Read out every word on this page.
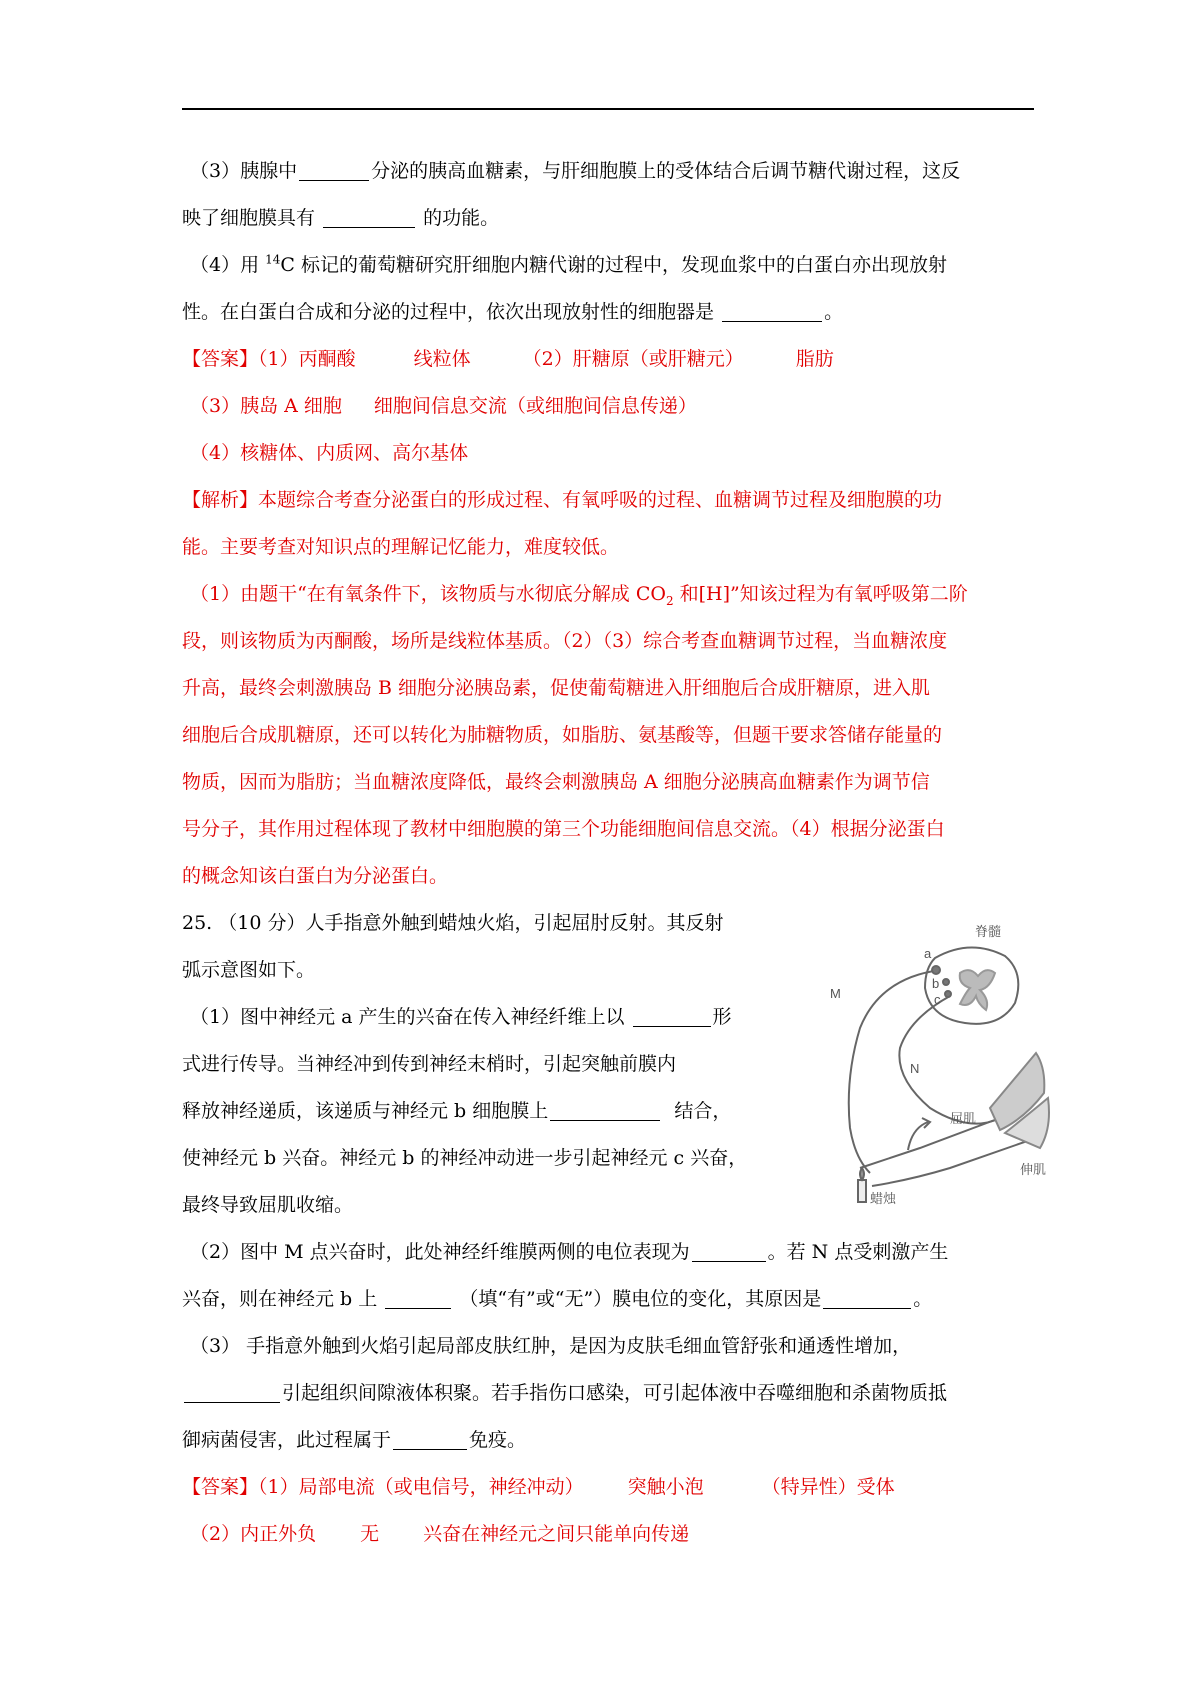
（3）胰腺中	分泌的胰高血糖素，与肝细胞膜上的受体结合后调节糖代谢过程，这反
映了细胞膜具有	的功能。
（4）用 $^{14}$C 标记的葡萄糖研究肝细胞内糖代谢的过程中，发现血浆中的白蛋白亦出现放射
性。在白蛋白合成和分泌的过程中，依次出现放射性的细胞器是	。
【答案】（1）丙酮酸	线粒体	（2）肝糖原（或肝糖元）	脂肪
（3）胰岛 A 细胞 细胞间信息交流（或细胞间信息传递）
（4）核糖体、内质网、高尔基体
【解析】本题综合考查分泌蛋白的形成过程、有氧呼吸的过程、血糖调节过程及细胞膜的功
能。主要考查对知识点的理解记忆能力，难度较低。
（1）由题干“在有氧条件下，该物质与水彻底分解成 $CO_2$ 和[H]”知该过程为有氧呼吸第二阶
段，则该物质为丙酮酸，场所是线粒体基质。（2）（3）综合考查血糖调节过程，当血糖浓度
升高，最终会刺激胰岛 B 细胞分泌胰岛素，促使葡萄糖进入肝细胞后合成肝糖原，进入肌
细胞后合成肌糖原，还可以转化为肺糖物质，如脂肪、氨基酸等，但题干要求答储存能量的
物质，因而为脂肪；当血糖浓度降低，最终会刺激胰岛 A 细胞分泌胰高血糖素作为调节信
号分子，其作用过程体现了教材中细胞膜的第三个功能细胞间信息交流。（4）根据分泌蛋白
的概念知该白蛋白为分泌蛋白。
25. （10 分）人手指意外触到蜡烛火焰，引起屈肘反射。其反射
弧示意图如下。
（1）图中神经元 a 产生的兴奋在传入神经纤维上以	形
式进行传导。当神经冲到传到神经末梢时，引起突触前膜内
释放神经递质，该递质与神经元 b 细胞膜上	结合，
使神经元 b 兴奋。神经元 b 的神经冲动进一步引起神经元 c 兴奋，
最终导致屈肌收缩。
（2）图中 M 点兴奋时，此处神经纤维膜两侧的电位表现为	。若 N 点受刺激产生
兴奋，则在神经元 b 上	（填“有”或“无”）膜电位的变化，其原因是	。
（3） 手指意外触到火焰引起局部皮肤红肿，是因为皮肤毛细血管舒张和通透性增加，
引起组织间隙液体积聚。若手指伤口感染，可引起体液中吞噬细胞和杀菌物质抵
御病菌侵害，此过程属于	免疫。
【答案】（1）局部电流（或电信号，神经冲动） 突触小泡	（特异性）受体
（2）内正外负 无 兴奋在神经元之间只能单向传递
脊髓
a
b
c
M
N
屈肌
伸肌
蜡烛
